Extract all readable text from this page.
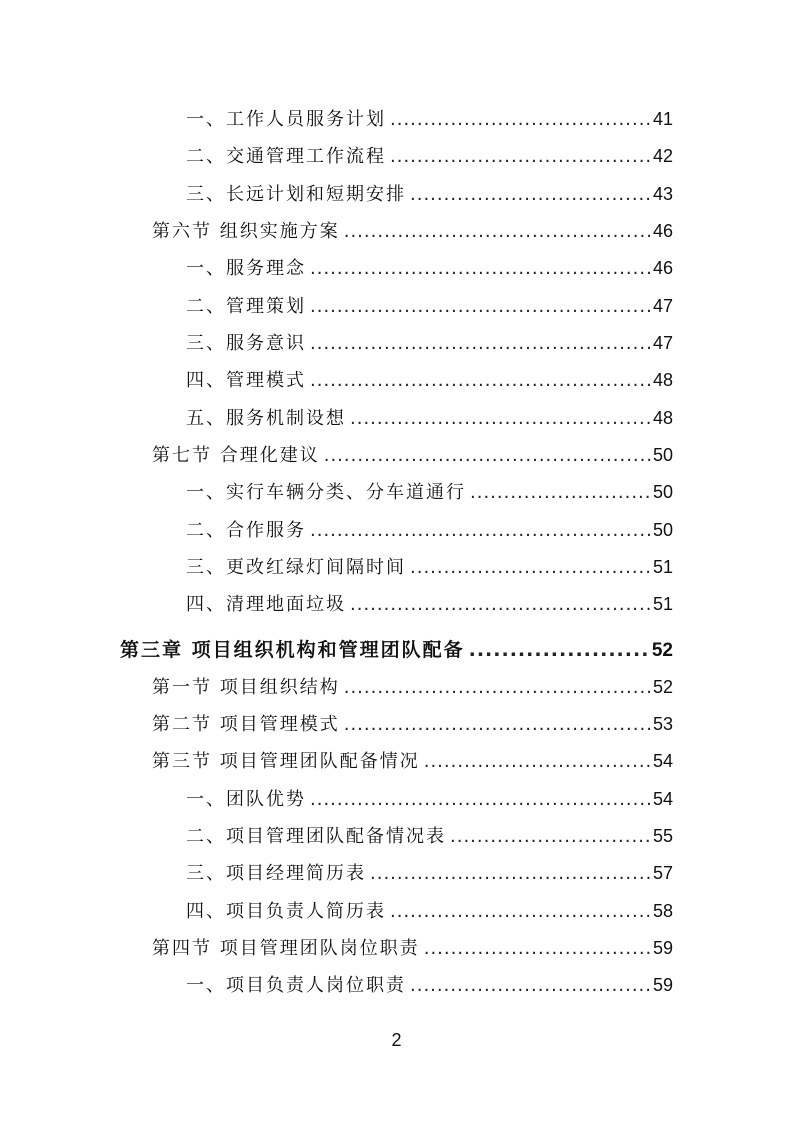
一、工作人员服务计划 .....	41
二、交通管理工作流程 .....	42
三、长远计划和短期安排 .....	43
第六节 组织实施方案 .....	46
一、服务理念 .....	46
二、管理策划 .....	47
三、服务意识 .....	47
四、管理模式 .....	48
五、服务机制设想 .....	48
第七节 合理化建议 .....	50
一、实行车辆分类、分车道通行 .....	50
二、合作服务 .....	50
三、更改红绿灯间隔时间 .....	51
四、清理地面垃圾 .....	51
第三章 项目组织机构和管理团队配备 .....	52
第一节 项目组织结构 .....	52
第二节 项目管理模式 .....	53
第三节 项目管理团队配备情况 .....	54
一、团队优势 .....	54
二、项目管理团队配备情况表 .....	55
三、项目经理简历表 .....	57
四、项目负责人简历表 .....	58
第四节 项目管理团队岗位职责 .....	59
一、项目负责人岗位职责 .....	59
2
